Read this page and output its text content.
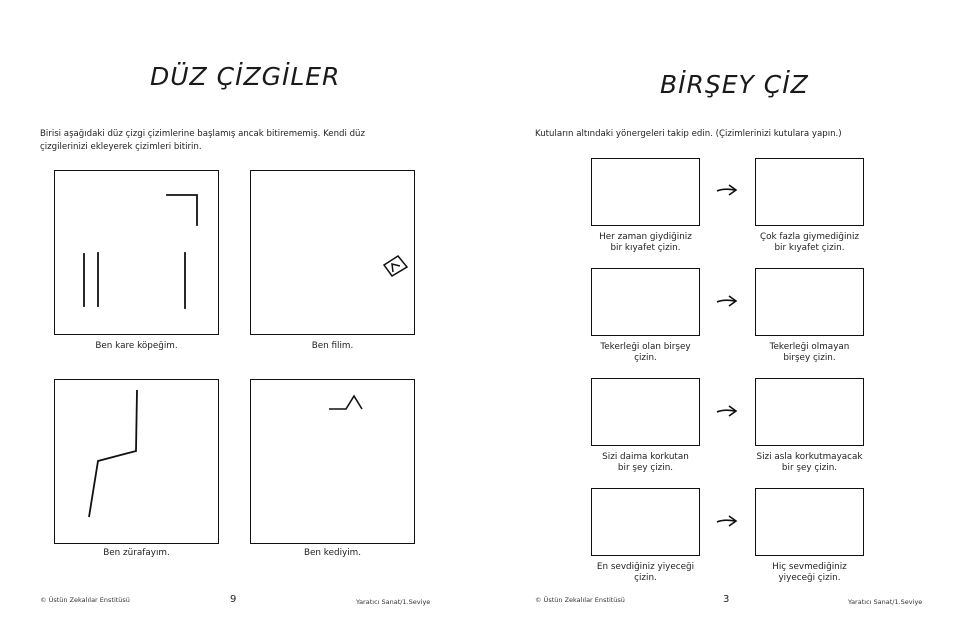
DÜZ ÇİZGİLER

Birisi aşağıdaki düz çizgi çizimlerine başlamış ancak bitirememiş. Kendi düz çizgilerinizi ekleyerek çizimleri bitirin.

Ben kare köpeğim.	Ben filim.
Ben zürafayım.	Ben kediyim.
© Üstün Zekalılar Enstitüsü	9	Yaratıcı Sanat/1.Seviye
BİRŞEY ÇİZ

Kutuların altındaki yönergeleri takip edin. (Çizimlerinizi kutulara yapın.)

Her zaman giydiğiniz
bir kıyafet çizin.
Çok fazla giymediğiniz
bir kıyafet çizin.
Tekerleği olan birşey
çizin.
Tekerleği olmayan
birşey çizin.
Sizi daima korkutan
bir şey çizin.
Sizi asla korkutmayacak
bir şey çizin.
En sevdiğiniz yiyeceği
çizin.
Hiç sevmediğiniz
yiyeceği çizin.
© Üstün Zekalılar Enstitüsü	3	Yaratıcı Sanat/1.Seviye
